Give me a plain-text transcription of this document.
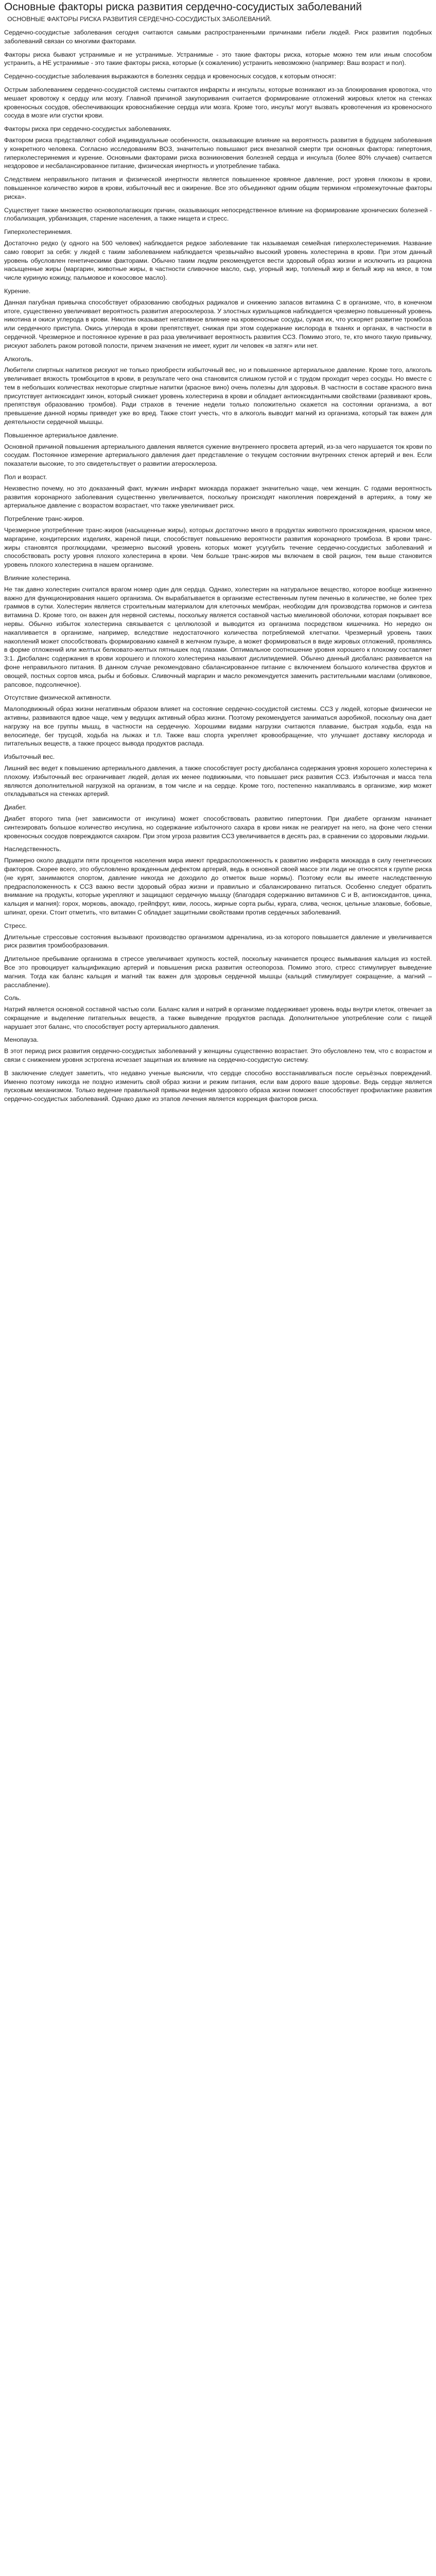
Основные факторы риска развития сердечно-сосудистых заболеваний
ОСНОВНЫЕ ФАКТОРЫ РИСКА РАЗВИТИЯ СЕРДЕЧНО-СОСУДИСТЫХ ЗАБОЛЕВАНИЙ.

Сердечно-сосудистые заболевания сегодня считаются самыми распространенными причинами гибели людей. Риск развития подобных заболеваний связан со многими факторами.

Факторы риска бывают устранимые и не устранимые. Устранимые - это такие факторы риска, которые можно тем или иным способом устранить, а НЕ устранимые - это такие факторы риска, которые (к сожалению) устранить невозможно (например: Ваш возраст и пол).

Сердечно-сосудистые заболевания выражаются в болезнях сердца и кровеносных сосудов, к которым относят:

Острым заболеванием сердечно-сосудистой системы считаются инфаркты и инсульты, которые возникают из-за блокирования кровотока, что мешает кровотоку к сердцу или мозгу. Главной причиной закупоривания считается формирование отложений жировых клеток на стенках кровеносных сосудов, обеспечивающих кровоснабжение сердца или мозга. Кроме того, инсульт могут вызвать кровотечения из кровеносного сосуда в мозге или сгустки крови.

Факторы риска при сердечно-сосудистых заболеваниях.

Фактором риска представляют собой индивидуальные особенности, оказывающие влияние на вероятность развития в будущем заболевания у конкретного человека. Согласно исследованиям ВОЗ, значительно повышают риск внезапной смерти три основных фактора: гипертония, гиперхолестеринемия и курение. Основными факторами риска возникновения болезней сердца и инсульта (более 80% случаев) считается нездоровое и несбалансированное питание, физическая инертность и употребление табака.

Следствием неправильного питания и физической инертности является повышенное кровяное давление, рост уровня глюкозы в крови, повышенное количество жиров в крови, избыточный вес и ожирение. Все это объединяют одним общим термином «промежуточные факторы риска».

Существует также множество основополагающих причин, оказывающих непосредственное влияние на формирование хронических болезней - глобализация, урбанизация, старение населения, а также нищета и стресс.

Гиперхолестеринемия.

Достаточно редко (у одного на 500 человек) наблюдается редкое заболевание так называемая семейная гиперхолестеринемия. Название само говорит за себя: у людей с таким заболеванием наблюдается чрезвычайно высокий уровень холестерина в крови. При этом данный уровень обусловлен генетическими факторами. Обычно таким людям рекомендуется вести здоровый образ жизни и исключить из рациона насыщенные жиры (маргарин, животные жиры, в частности сливочное масло, сыр, угорный жир, топленый жир и белый жир на мясе, в том числе куриную кожицу, пальмовое и кокосовое масло).

Курение.

Данная пагубная привычка способствует образованию свободных радикалов и снижению запасов витамина С в организме, что, в конечном итоге, существенно увеличивает вероятность развития атеросклероза. У злостных курильщиков наблюдается чрезмерно повышенный уровень никотина и окиси углерода в крови. Никотин оказывает негативное влияние на кровеносные сосуды, сужая их, что ускоряет развитие тромбоза или сердечного приступа. Окись углерода в крови препятствует, снижая при этом содержание кислорода в тканях и органах, в частности в сердечной. Чрезмерное и постоянное курение в раз раза увеличивает вероятность развития ССЗ. Помимо этого, те, кто много такую привычку, рискуют заболеть раком ротовой полости, причем значения не имеет, курит ли человек «в затяг» или нет.

Алкоголь.

Любители спиртных напитков рискуют не только приобрести избыточный вес, но и повышенное артериальное давление. Кроме того, алкоголь увеличивает вязкость тромбоцитов в крови, в результате чего она становится слишком густой и с трудом проходит через сосуды. Но вместе с тем в небольших количествах некоторые спиртные напитки (красное вино) очень полезны для здоровья. В частности в составе красного вина присутствует антиоксидант хинон, который снижает уровень холестерина в крови и обладает антиоксидантными свойствами (развивают кровь, препятствуя образованию тромбов). Ради страхов в течение недели только положительно скажется на состоянии организма, а вот превышение данной нормы приведет уже во вред. Также стоит учесть, что в алкоголь выводит магний из организма, который так важен для деятельности сердечной мышцы.

Повышенное артериальное давление.

Основной причиной повышения артериального давления является сужение внутреннего просвета артерий, из-за чего нарушается ток крови по сосудам. Постоянное измерение артериального давления дает представление о текущем состоянии внутренних стенок артерий и вен. Если показатели высокие, то это свидетельствует о развитии атеросклероза.

Пол и возраст.

Неизвестно почему, но это доказанный факт, мужчин инфаркт миокарда поражает значительно чаще, чем женщин. С годами вероятность развития коронарного заболевания существенно увеличивается, поскольку происходят накопления повреждений в артериях, а тому же артериальное давление с возрастом возрастает, что также увеличивает риск.

Потребление транс-жиров.

Чрезмерное употребление транс-жиров (насыщенные жиры), которых достаточно много в продуктах животного происхождения, красном мясе, маргарине, кондитерских изделиях, жареной пищи, способствует повышению вероятности развития коронарного тромбоза. В крови транс-жиры становятся проглюцидами, чрезмерно высокий уровень которых может усугубить течение сердечно-сосудистых заболеваний и способствовать росту уровня плохого холестерина в крови. Чем больше транс-жиров мы включаем в свой рацион, тем выше становится уровень плохого холестерина в нашем организме.

Влияние холестерина.

Не так давно холестерин считался врагом номер один для сердца. Однако, холестерин на натуральное вещество, которое вообще жизненно важно для функционирования нашего организма. Он вырабатывается в организме естественным путем печенью в количестве, не более трех граммов в сутки. Холестерин является строительным материалом для клеточных мембран, необходим для производства гормонов и синтеза витамина D. Кроме того, он важен для нервной системы, поскольку является составной частью миелиновой оболочки, которая покрывает все нервы. Обычно избыток холестерина связывается с целлюлозой и выводится из организма посредством кишечника. Но нередко он накапливается в организме, например, вследствие недостаточного количества потребляемой клетчатки. Чрезмерный уровень таких накоплений может способствовать формированию камней в желчном пузыре, а может формироваться в виде жировых отложений, проявляясь в форме отложений или желтых белковато-желтых пятнышек под глазами. Оптимальное соотношение уровня хорошего к плохому составляет 3:1. Дисбаланс содержания в крови хорошего и плохого холестерина называют дислипидемией. Обычно данный дисбаланс развивается на фоне неправильного питания. В данном случае рекомендовано сбалансированное питание с включением большого количества фруктов и овощей, постных сортов мяса, рыбы и бобовых. Сливочный маргарин и масло рекомендуется заменить растительными маслами (оливковое, рапсовое, подсолнечное).

Отсутствие физической активности.

Малоподвижный образ жизни негативным образом влияет на состояние сердечно-сосудистой системы. ССЗ у людей, которые физически не активны, развиваются вдвое чаще, чем у ведущих активный образ жизни. Поэтому рекомендуется заниматься аэробикой, поскольку она дает нагрузку на все группы мышц, в частности на сердечную. Хорошими видами нагрузки считаются плавание, быстрая ходьба, езда на велосипеде, бег трусцой, ходьба на лыжах и т.п. Также ваш спорта укрепляет кровообращение, что улучшает доставку кислорода и питательных веществ, а также процесс вывода продуктов распада.

Избыточный вес.

Лишний вес ведет к повышению артериального давления, а также способствует росту дисбаланса содержания уровня хорошего холестерина к плохому. Избыточный вес ограничивает людей, делая их менее подвижными, что повышает риск развития ССЗ. Избыточная и масса тела являются дополнительной нагрузкой на организм, в том числе и на сердце. Кроме того, постепенно накапливаясь в организме, жир может откладываться на стенках артерий.

Диабет.

Диабет второго типа (нет зависимости от инсулина) может способствовать развитию гипертонии. При диабете организм начинает синтезировать большое количество инсулина, но содержание избыточного сахара в крови никак не реагирует на него, на фоне чего стенки кровеносных сосудов повреждаются сахаром. При этом угроза развития ССЗ увеличивается в десять раз, в сравнении со здоровыми людьми.

Наследственность.

Примерно около двадцати пяти процентов населения мира имеют предрасположенность к развитию инфаркта миокарда в силу генетических факторов. Скорее всего, это обусловлено врожденным дефектом артерий, ведь в основной своей массе эти люди не относятся к группе риска (не курят, занимаются спортом, давление никогда не доходило до отметок выше нормы). Поэтому если вы имеете наследственную предрасположенность к ССЗ важно вести здоровый образ жизни и правильно и сбалансированно питаться. Особенно следует обратить внимание на продукты, которые укрепляют и защищают сердечную мышцу (благодаря содержанию витаминов С и B, антиоксидантов, цинка, кальция и магния): горох, морковь, авокадо, грейпфрут, киви, лосось, жирные сорта рыбы, курага, слива, чеснок, цельные злаковые, бобовые, шпинат, орехи. Стоит отметить, что витамин С обладает защитными свойствами против сердечных заболеваний.

Стресс.

Длительные стрессовые состояния вызывают производство организмом адреналина, из-за которого повышается давление и увеличивается риск развития тромбообразования.

Длительное пребывание организма в стрессе увеличивает хрупкость костей, поскольку начинается процесс вымывания кальция из костей. Все это провоцирует кальцификацию артерий и повышения риска развития остеопороза. Помимо этого, стресс стимулирует выведение магния. Тогда как баланс кальция и магний так важен для здоровья сердечной мышцы (кальций стимулирует сокращение, а магний – расслабление).

Соль.

Натрий является основной составной частью соли. Баланс калия и натрий в организме поддерживает уровень воды внутри клеток, отвечает за сокращение и выделение питательных веществ, а также выведение продуктов распада. Дополнительное употребление соли с пищей нарушает этот баланс, что способствует росту артериального давления.

Менопауза.

В этот период риск развития сердечно-сосудистых заболеваний у женщины существенно возрастает. Это обусловлено тем, что с возрастом и связи с снижением уровня эстрогена исчезает защитная их влияние на сердечно-сосудистую систему.

В заключение следует заметить, что недавно ученые выяснили, что сердце способно восстанавливаться после серьёзных повреждений. Именно поэтому никогда не поздно изменить свой образ жизни и режим питания, если вам дорого ваше здоровье. Ведь сердце является пусковым механизмом. Только ведение правильной привычки ведения здорового образа жизни поможет способствует профилактике развития сердечно-сосудистых заболеваний. Однако даже из этапов лечения является коррекция факторов риска.
